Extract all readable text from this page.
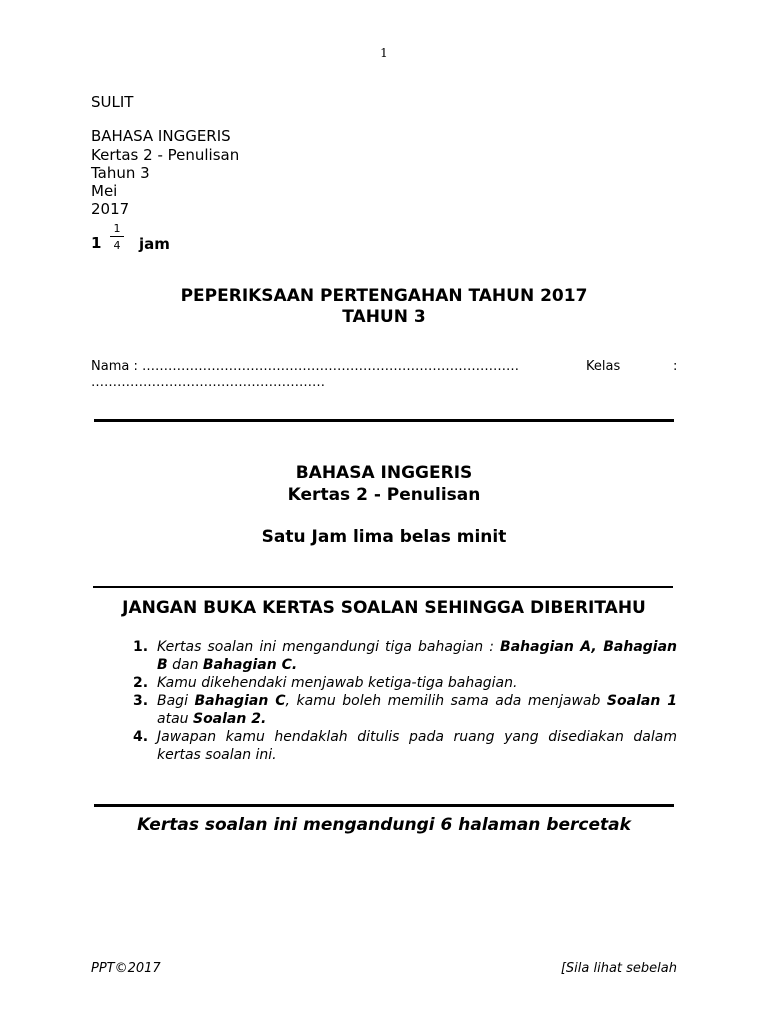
1
SULIT
BAHASA INGGERIS
Kertas 2 - Penulisan
Tahun 3
Mei
2017
1
1
4 jam
PEPERIKSAAN PERTENGAHAN TAHUN 2017
TAHUN 3
Nama : ……………………………………………………………………………	Kelas	:

………………………………………………
BAHASA INGGERIS
Kertas 2 - Penulisan
Satu Jam lima belas minit
JANGAN BUKA KERTAS SOALAN SEHINGGA DIBERITAHU
1. Kertas soalan ini mengandungi tiga bahagian : Bahagian A, Bahagian B dan Bahagian C.
2. Kamu dikehendaki menjawab ketiga-tiga bahagian.
3. Bagi Bahagian C, kamu boleh memilih sama ada menjawab Soalan 1 atau Soalan 2.
4. Jawapan kamu hendaklah ditulis pada ruang yang disediakan dalam kertas soalan ini.
Kertas soalan ini mengandungi 6 halaman bercetak
PPT©2017	[Sila lihat sebelah
